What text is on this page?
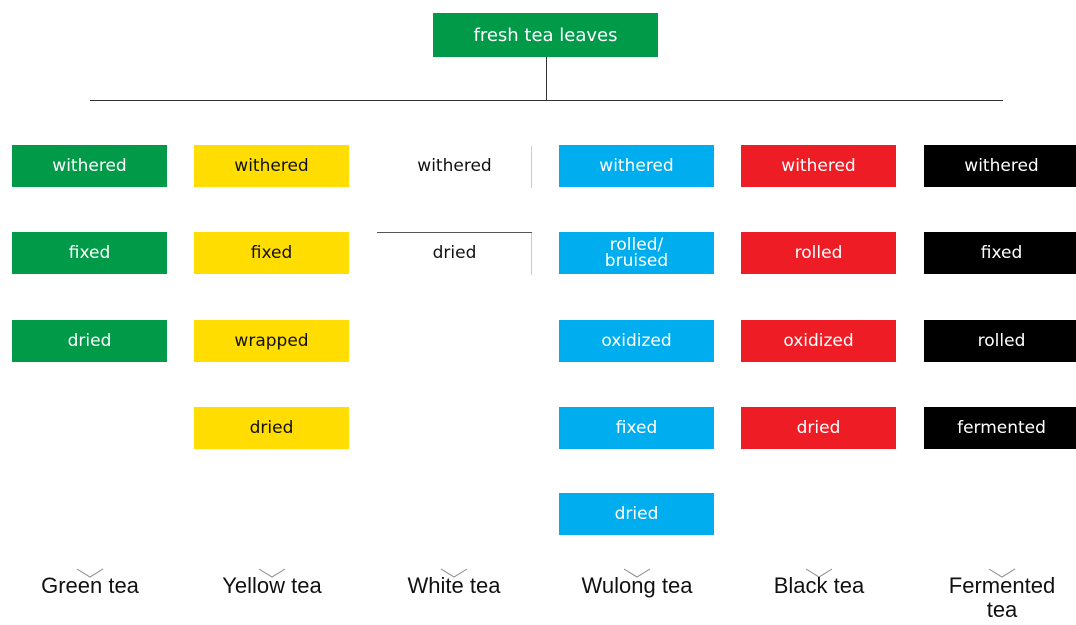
fresh tea leaves
withered
fixed
dried
Green tea
withered
fixed
wrapped
dried
Yellow tea
withered
dried
White tea
withered
rolled/
bruised
oxidized
fixed
dried
Wulong tea
withered
rolled
oxidized
dried
Black tea
withered
fixed
rolled
fermented
Fermented
tea
